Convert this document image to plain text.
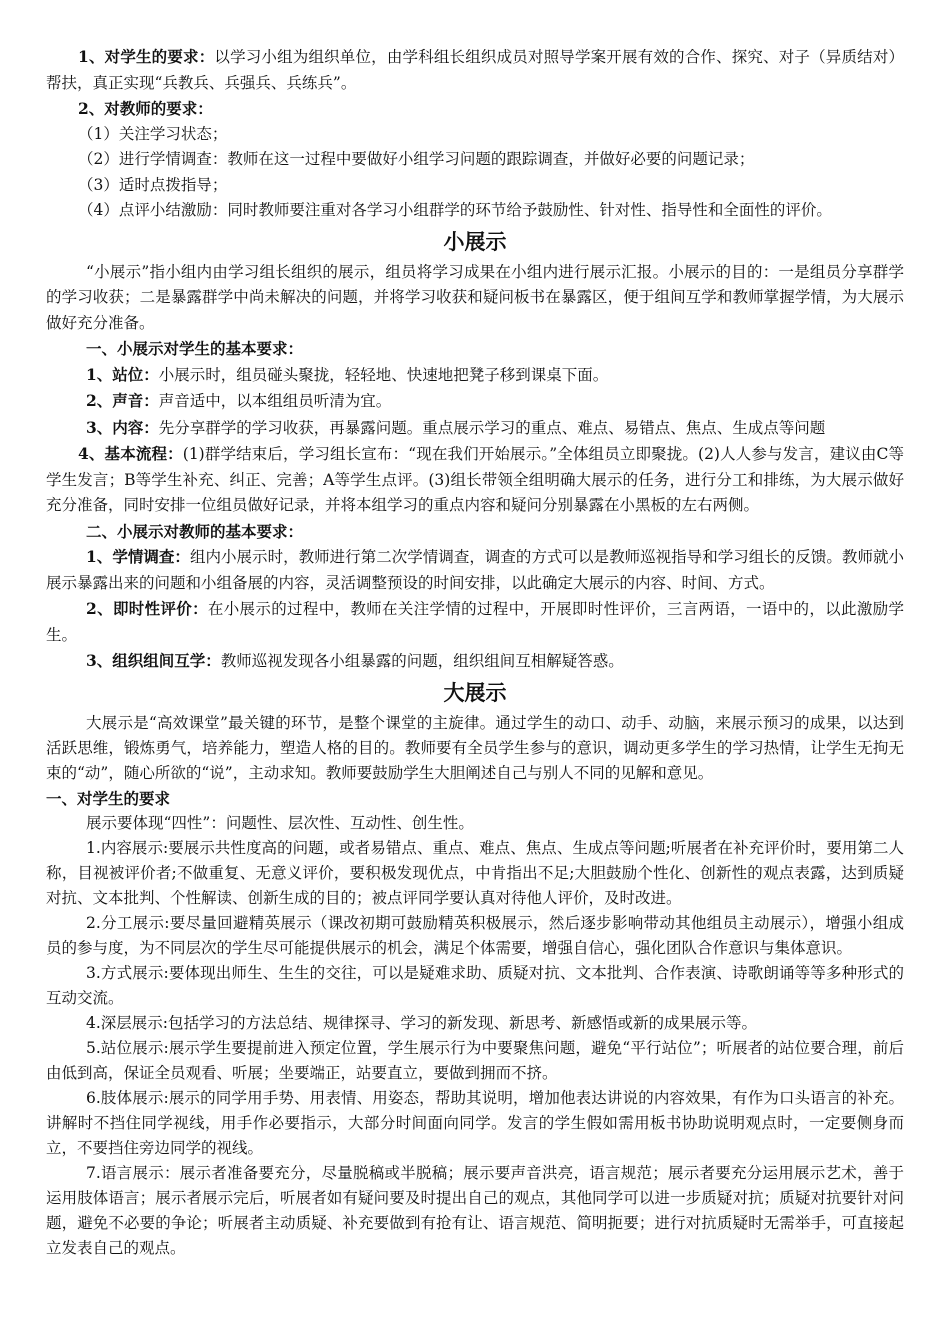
1、对学生的要求：以学习小组为组织单位，由学科组长组织成员对照导学案开展有效的合作、探究、对子（异质结对）帮扶，真正实现“兵教兵、兵强兵、兵练兵”。

2、对教师的要求：

（1）关注学习状态；

（2）进行学情调查：教师在这一过程中要做好小组学习问题的跟踪调查，并做好必要的问题记录；

（3）适时点拨指导；

（4）点评小结激励：同时教师要注重对各学习小组群学的环节给予鼓励性、针对性、指导性和全面性的评价。

小展示

“小展示”指小组内由学习组长组织的展示，组员将学习成果在小组内进行展示汇报。小展示的目的：一是组员分享群学的学习收获；二是暴露群学中尚未解决的问题，并将学习收获和疑问板书在暴露区，便于组间互学和教师掌握学情，为大展示做好充分准备。

一、小展示对学生的基本要求：

1、站位：小展示时，组员碰头聚拢，轻轻地、快速地把凳子移到课桌下面。

2、声音：声音适中，以本组组员听清为宜。

3、内容：先分享群学的学习收获，再暴露问题。重点展示学习的重点、难点、易错点、焦点、生成点等问题

4、基本流程：(1)群学结束后，学习组长宣布：“现在我们开始展示。”全体组员立即聚拢。(2)人人参与发言，建议由C等学生发言；B等学生补充、纠正、完善；A等学生点评。(3)组长带领全组明确大展示的任务，进行分工和排练，为大展示做好充分准备，同时安排一位组员做好记录，并将本组学习的重点内容和疑问分别暴露在小黑板的左右两侧。

二、小展示对教师的基本要求：

1、学情调查：组内小展示时，教师进行第二次学情调查，调查的方式可以是教师巡视指导和学习组长的反馈。教师就小展示暴露出来的问题和小组备展的内容，灵活调整预设的时间安排，以此确定大展示的内容、时间、方式。

2、即时性评价：在小展示的过程中，教师在关注学情的过程中，开展即时性评价，三言两语，一语中的，以此激励学生。

3、组织组间互学：教师巡视发现各小组暴露的问题，组织组间互相解疑答惑。

大展示

大展示是“高效课堂”最关键的环节，是整个课堂的主旋律。通过学生的动口、动手、动脑，来展示预习的成果，以达到活跃思维，锻炼勇气，培养能力，塑造人格的目的。教师要有全员学生参与的意识，调动更多学生的学习热情，让学生无拘无束的“动”，随心所欲的“说”，主动求知。教师要鼓励学生大胆阐述自己与别人不同的见解和意见。

一、对学生的要求

展示要体现“四性”：问题性、层次性、互动性、创生性。

1.内容展示:要展示共性度高的问题，或者易错点、重点、难点、焦点、生成点等问题;听展者在补充评价时，要用第二人称，目视被评价者;不做重复、无意义评价，要积极发现优点，中肯指出不足;大胆鼓励个性化、创新性的观点表露，达到质疑对抗、文本批判、个性解读、创新生成的目的；被点评同学要认真对待他人评价，及时改进。

2.分工展示:要尽量回避精英展示（课改初期可鼓励精英积极展示，然后逐步影响带动其他组员主动展示），增强小组成员的参与度，为不同层次的学生尽可能提供展示的机会，满足个体需要，增强自信心，强化团队合作意识与集体意识。

3.方式展示:要体现出师生、生生的交往，可以是疑难求助、质疑对抗、文本批判、合作表演、诗歌朗诵等等多种形式的互动交流。

4.深层展示:包括学习的方法总结、规律探寻、学习的新发现、新思考、新感悟或新的成果展示等。

5.站位展示:展示学生要提前进入预定位置，学生展示行为中要聚焦问题，避免“平行站位”；听展者的站位要合理，前后由低到高，保证全员观看、听展；坐要端正，站要直立，要做到拥而不挤。

6.肢体展示:展示的同学用手势、用表情、用姿态，帮助其说明，增加他表达讲说的内容效果，有作为口头语言的补充。讲解时不挡住同学视线，用手作必要指示，大部分时间面向同学。发言的学生假如需用板书协助说明观点时，一定要侧身而立，不要挡住旁边同学的视线。

7.语言展示：展示者准备要充分，尽量脱稿或半脱稿；展示要声音洪亮，语言规范；展示者要充分运用展示艺术，善于运用肢体语言；展示者展示完后，听展者如有疑问要及时提出自己的观点，其他同学可以进一步质疑对抗；质疑对抗要针对问题，避免不必要的争论；听展者主动质疑、补充要做到有抢有让、语言规范、简明扼要；进行对抗质疑时无需举手，可直接起立发表自己的观点。
